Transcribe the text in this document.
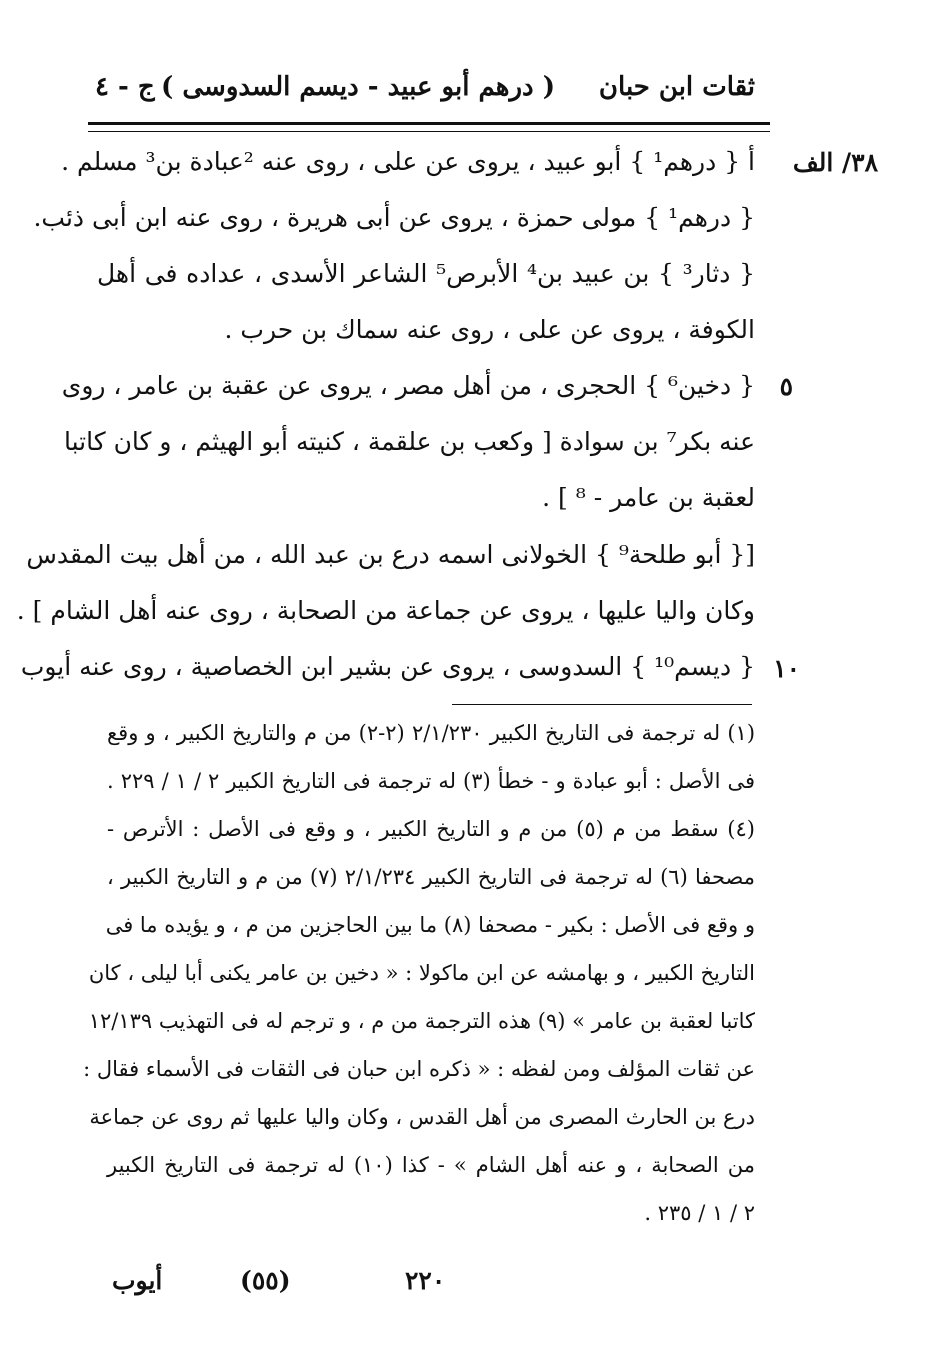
ثقات ابن حبان
( درهم أبو عبيد - ديسم السدوسى )
ج - ٤
٣٨/ الف
٥
١٠
أ { درهم¹ } أبو عبيد ، يروى عن على ، روى عنه ²عبادة بن³ مسلم .
{ درهم¹ } مولى حمزة ، يروى عن أبى هريرة ، روى عنه ابن أبى ذئب.
{ دثار³ } بن عبيد بن⁴ الأبرص⁵ الشاعر الأسدى ، عداده فى أهل
الكوفة ، يروى عن على ، روى عنه سماك بن حرب .
{ دخين⁶ } الحجرى ، من أهل مصر ، يروى عن عقبة بن عامر ، روى
عنه بكر⁷ بن سوادة [ وكعب بن علقمة ، كنيته أبو الهيثم ، و كان كاتبا
لعقبة بن عامر - ⁸ ] .
[{ أبو طلحة⁹ } الخولانى اسمه درع بن عبد الله ، من أهل بيت المقدس
وكان واليا عليها ، يروى عن جماعة من الصحابة ، روى عنه أهل الشام ] .
{ ديسم¹⁰ } السدوسى ، يروى عن بشير ابن الخصاصية ، روى عنه أيوب
(١) له ترجمة فى التاريخ الكبير ٢/١/٢٣٠ (٢-٢) من م والتاريخ الكبير ، و وقع
فى الأصل : أبو عبادة و - خطأ (٣) له ترجمة فى التاريخ الكبير ٢ / ١ / ٢٢٩ .
(٤) سقط من م (٥) من م و التاريخ الكبير ، و وقع فى الأصل : الأترص -
مصحفا (٦) له ترجمة فى التاريخ الكبير ٢/١/٢٣٤ (٧) من م و التاريخ الكبير ،
و وقع فى الأصل : بكير - مصحفا (٨) ما بين الحاجزين من م ، و يؤيده ما فى
التاريخ الكبير ، و بهامشه عن ابن ماكولا : « دخين بن عامر يكنى أبا ليلى ، كان
كاتبا لعقبة بن عامر » (٩) هذه الترجمة من م ، و ترجم له فى التهذيب ١٢/١٣٩
عن ثقات المؤلف ومن لفظه : « ذكره ابن حبان فى الثقات فى الأسماء فقال :
درع بن الحارث المصرى من أهل القدس ، وكان واليا عليها ثم روى عن جماعة
من الصحابة ، و عنه أهل الشام » - كذا (١٠) له ترجمة فى التاريخ الكبير
٢ / ١ / ٢٣٥ .
٢٢٠
(٥٥)
أيوب
